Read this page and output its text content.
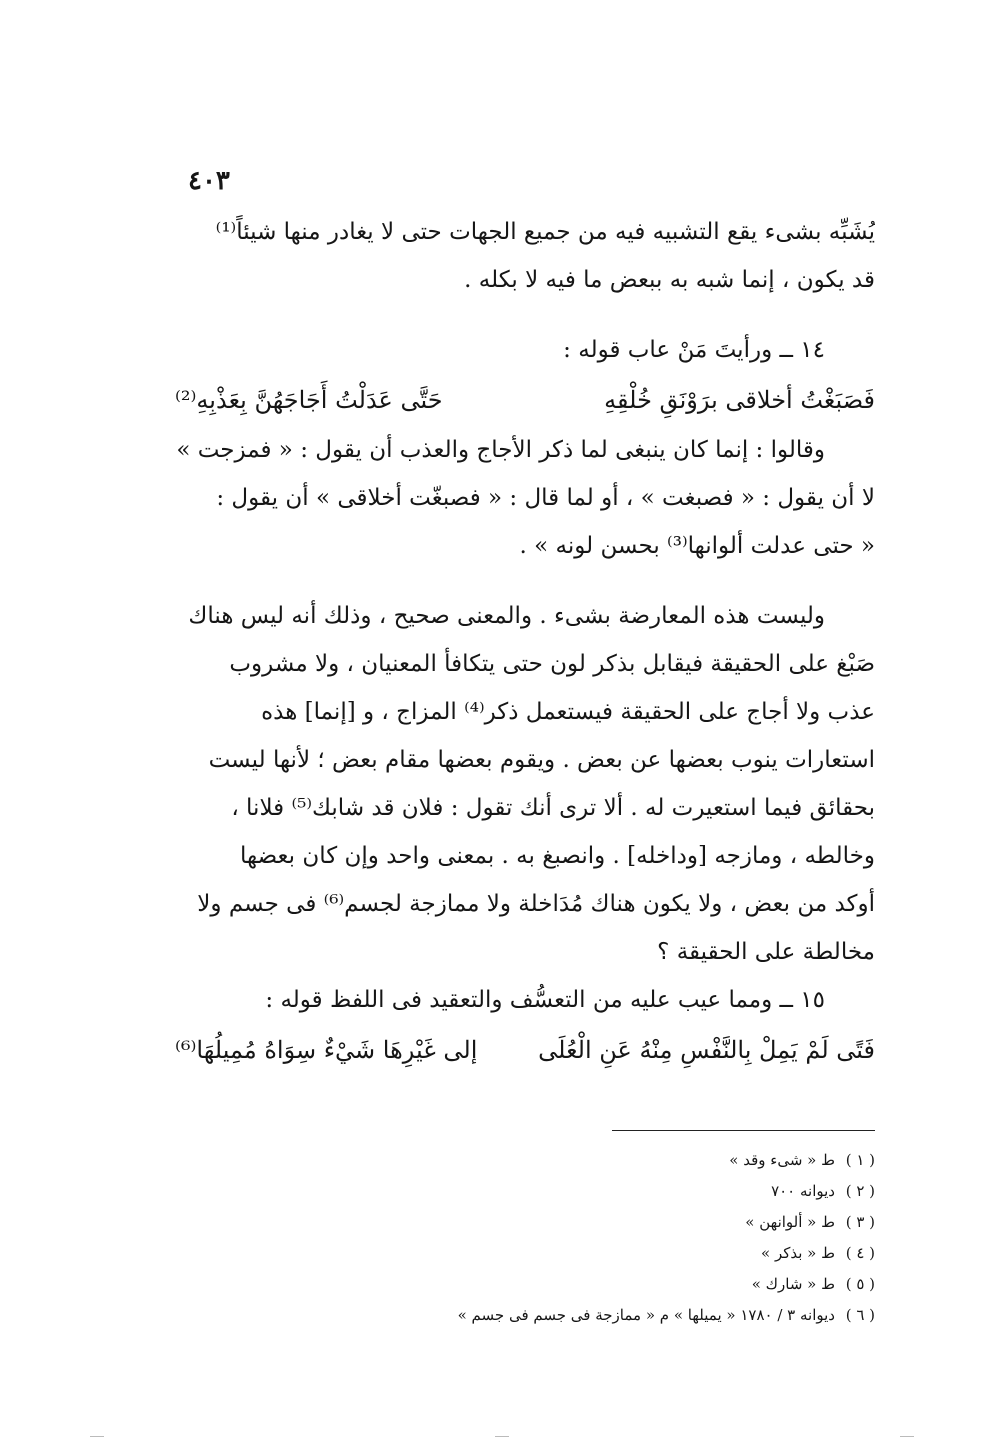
٤٠٣
يُشَبِّه بشىء يقع التشبيه فيه من جميع الجهات حتى لا يغادر منها شيئاً⁽¹⁾
قد يكون ، إنما شبه به ببعض ما فيه لا بكله .
١٤ ــ ورأيتَ مَنْ عاب قوله :
فَصَبَغْتُ أخلاقى برَوْنَقِ خُلْقِهِ
حَتَّى عَدَلْتُ أَجَاجَهُنَّ بِعَذْبِهِ⁽²⁾
وقالوا : إنما كان ينبغى لما ذكر الأجاج والعذب أن يقول : « فمزجت »
لا أن يقول : « فصبغت » ، أو لما قال : « فصبغّت أخلاقى » أن يقول :
« حتى عدلت ألوانها⁽³⁾ بحسن لونه » .
وليست هذه المعارضة بشىء . والمعنى صحيح ، وذلك أنه ليس هناك
صَبْغ على الحقيقة فيقابل بذكر لون حتى يتكافأ المعنيان ، ولا مشروب
عذب ولا أجاج على الحقيقة فيستعمل ذكر⁽⁴⁾ المزاج ، و [إنما] هذه
استعارات ينوب بعضها عن بعض . ويقوم بعضها مقام بعض ؛ لأنها ليست
بحقائق فيما استعيرت له . ألا ترى أنك تقول : فلان قد شابك⁽⁵⁾ فلانا ،
وخالطه ، ومازجه [وداخله] . وانصبغ به . بمعنى واحد وإن كان بعضها
أوكد من بعض ، ولا يكون هناك مُدَاخلة ولا ممازجة لجسم⁽⁶⁾ فى جسم ولا
مخالطة على الحقيقة ؟
١٥ ــ ومما عيب عليه من التعسُّف والتعقيد فى اللفظ قوله :
فَتًى لَمْ يَمِلْ بِالنَّفْسِ مِنْهُ عَنِ الْعُلَى
إلى غَيْرِهَا شَيْءٌ سِوَاهُ مُمِيلُهَا⁽⁶⁾
( ١ )ط « شىء وقد »
( ٢ )ديوانه ٧٠٠
( ٣ )ط « ألوانهن »
( ٤ )ط « بذكر »
( ٥ )ط « شارك »
( ٦ )ديوانه ٣ / ١٧٨٠ « يميلها » م « ممازجة فى جسم فى جسم »
